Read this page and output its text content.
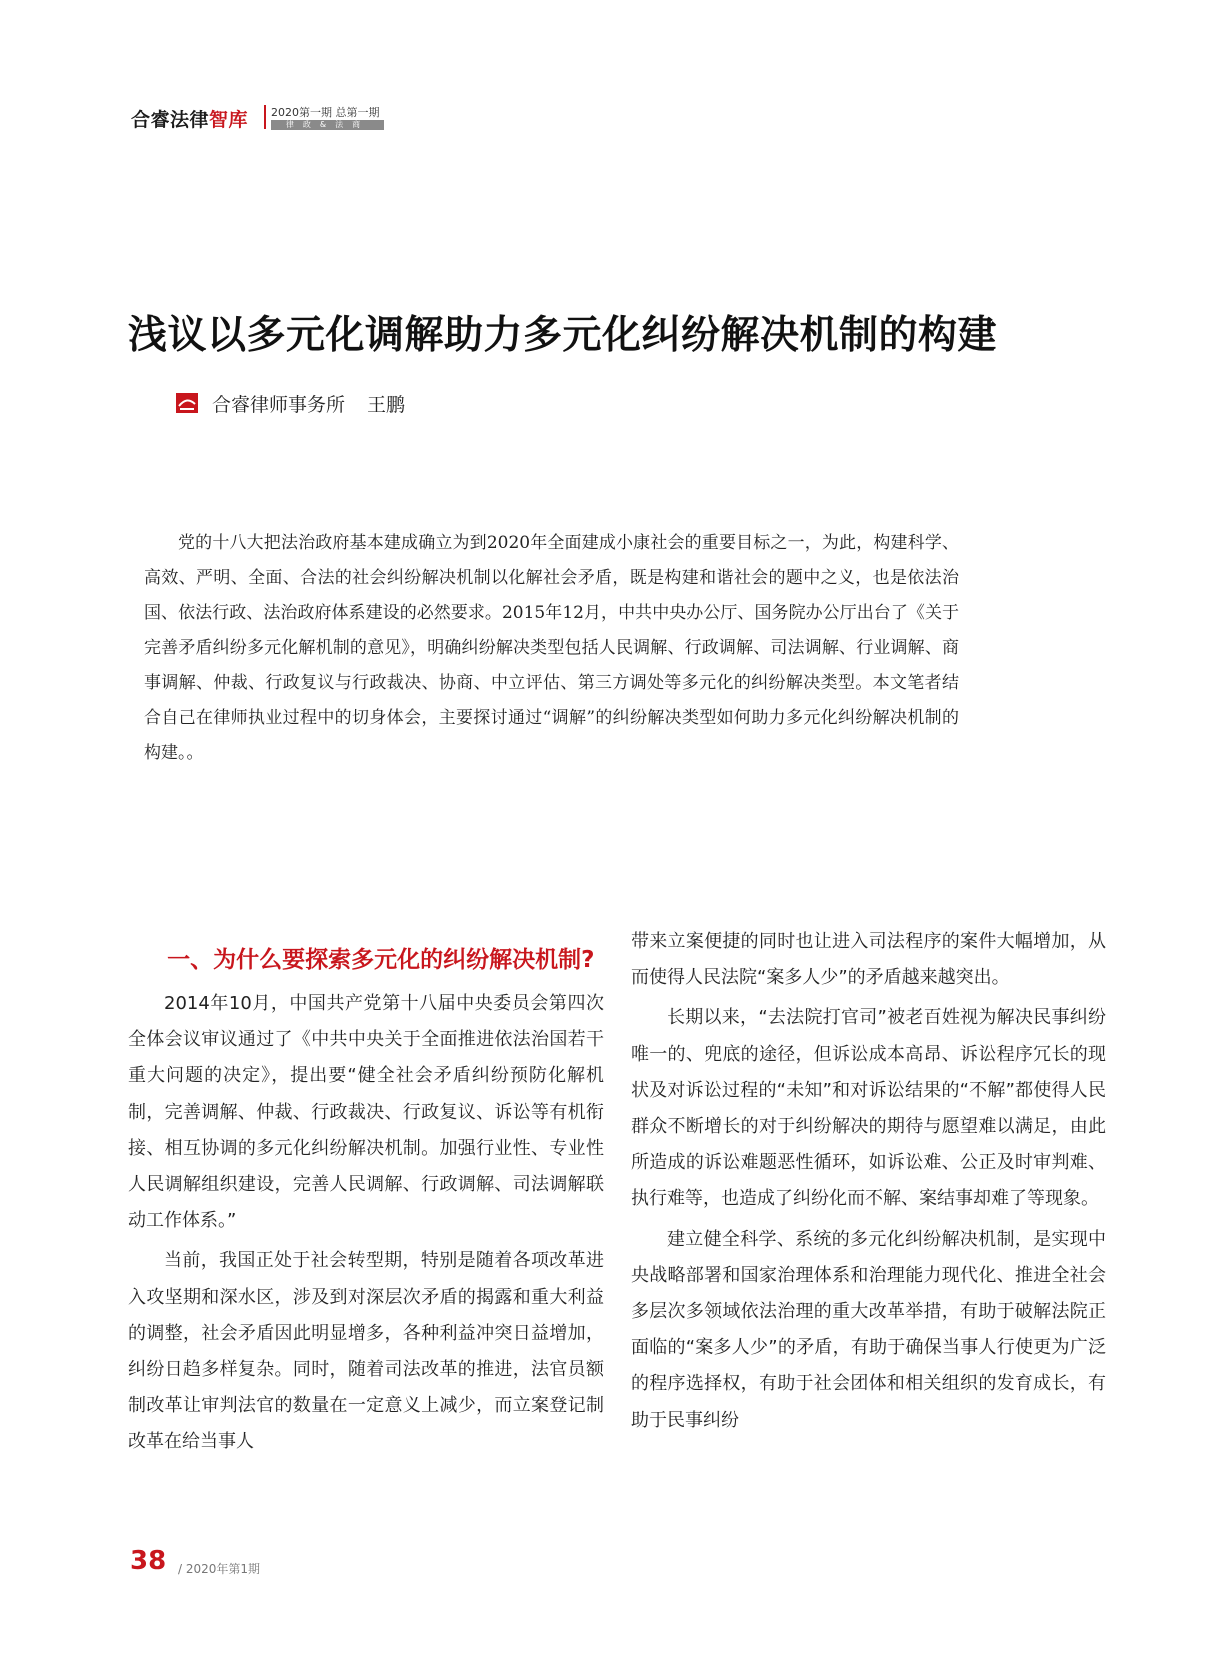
合睿法律智库 2020第一期 总第一期
律政&法商
浅议以多元化调解助力多元化纠纷解决机制的构建
合睿律师事务所 王鹏

党的十八大把法治政府基本建成确立为到2020年全面建成小康社会的重要目标之一，为此，构建科学、高效、严明、全面、合法的社会纠纷解决机制以化解社会矛盾，既是构建和谐社会的题中之义，也是依法治国、依法行政、法治政府体系建设的必然要求。2015年12月，中共中央办公厅、国务院办公厅出台了《关于完善矛盾纠纷多元化解机制的意见》，明确纠纷解决类型包括人民调解、行政调解、司法调解、行业调解、商事调解、仲裁、行政复议与行政裁决、协商、中立评估、第三方调处等多元化的纠纷解决类型。本文笔者结合自己在律师执业过程中的切身体会，主要探讨通过“调解”的纠纷解决类型如何助力多元化纠纷解决机制的构建。。

一、为什么要探索多元化的纠纷解决机制?

2014年10月，中国共产党第十八届中央委员会第四次全体会议审议通过了《中共中央关于全面推进依法治国若干重大问题的决定》，提出要“健全社会矛盾纠纷预防化解机制，完善调解、仲裁、行政裁决、行政复议、诉讼等有机衔接、相互协调的多元化纠纷解决机制。加强行业性、专业性人民调解组织建设，完善人民调解、行政调解、司法调解联动工作体系。”

当前，我国正处于社会转型期，特别是随着各项改革进入攻坚期和深水区，涉及到对深层次矛盾的揭露和重大利益的调整，社会矛盾因此明显增多，各种利益冲突日益增加，纠纷日趋多样复杂。同时，随着司法改革的推进，法官员额制改革让审判法官的数量在一定意义上减少，而立案登记制改革在给当事人

带来立案便捷的同时也让进入司法程序的案件大幅增加，从而使得人民法院“案多人少”的矛盾越来越突出。

长期以来，“去法院打官司”被老百姓视为解决民事纠纷唯一的、兜底的途径，但诉讼成本高昂、诉讼程序冗长的现状及对诉讼过程的“未知”和对诉讼结果的“不解”都使得人民群众不断增长的对于纠纷解决的期待与愿望难以满足，由此所造成的诉讼难题恶性循环，如诉讼难、公正及时审判难、执行难等，也造成了纠纷化而不解、案结事却难了等现象。

建立健全科学、系统的多元化纠纷解决机制，是实现中央战略部署和国家治理体系和治理能力现代化、推进全社会多层次多领域依法治理的重大改革举措，有助于破解法院正面临的“案多人少”的矛盾，有助于确保当事人行使更为广泛的程序选择权，有助于社会团体和相关组织的发育成长，有助于民事纠纷

38 / 2020年第1期
